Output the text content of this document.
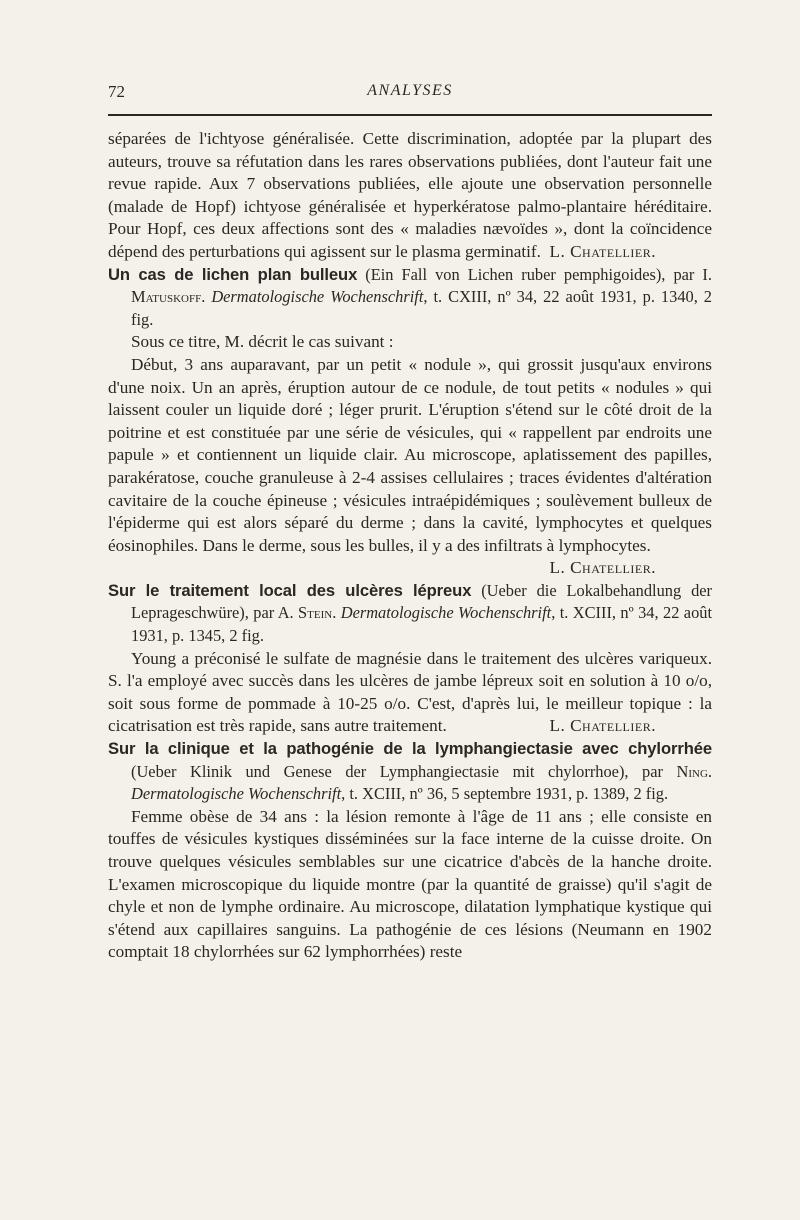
72	ANALYSES

séparées de l'ichtyose généralisée. Cette discrimination, adoptée par la plupart des auteurs, trouve sa réfutation dans les rares observations publiées, dont l'auteur fait une revue rapide. Aux 7 observations publiées, elle ajoute une observation personnelle (malade de Hopf) ichtyose généralisée et hyperkératose palmo-plantaire héréditaire. Pour Hopf, ces deux affections sont des « maladies nævoïdes », dont la coïncidence dépend des perturbations qui agissent sur le plasma germinatif. L. Chatellier.

Un cas de lichen plan bulleux (Ein Fall von Lichen ruber pemphigoides), par I. Matuskoff. Dermatologische Wochenschrift, t. CXIII, nº 34, 22 août 1931, p. 1340, 2 fig.

Sous ce titre, M. décrit le cas suivant :

Début, 3 ans auparavant, par un petit « nodule », qui grossit jusqu'aux environs d'une noix. Un an après, éruption autour de ce nodule, de tout petits « nodules » qui laissent couler un liquide doré ; léger prurit. L'éruption s'étend sur le côté droit de la poitrine et est constituée par une série de vésicules, qui « rappellent par endroits une papule » et contiennent un liquide clair. Au microscope, aplatissement des papilles, parakératose, couche granuleuse à 2-4 assises cellulaires ; traces évidentes d'altération cavitaire de la couche épineuse ; vésicules intraépidémiques ; soulèvement bulleux de l'épiderme qui est alors séparé du derme ; dans la cavité, lymphocytes et quelques éosinophiles. Dans le derme, sous les bulles, il y a des infiltrats à lymphocytes.
L. Chatellier.

Sur le traitement local des ulcères lépreux (Ueber die Lokalbehandlung der Leprageschwüre), par A. Stein. Dermatologische Wochenschrift, t. XCIII, nº 34, 22 août 1931, p. 1345, 2 fig.

Young a préconisé le sulfate de magnésie dans le traitement des ulcères variqueux. S. l'a employé avec succès dans les ulcères de jambe lépreux soit en solution à 10 o/o, soit sous forme de pommade à 10-25 o/o. C'est, d'après lui, le meilleur topique : la cicatrisation est très rapide, sans autre traitement.	L. Chatellier.

Sur la clinique et la pathogénie de la lymphangiectasie avec chylorrhée (Ueber Klinik und Genese der Lymphangiectasie mit chylorrhoe), par Ning. Dermatologische Wochenschrift, t. XCIII, nº 36, 5 septembre 1931, p. 1389, 2 fig.

Femme obèse de 34 ans : la lésion remonte à l'âge de 11 ans ; elle consiste en touffes de vésicules kystiques disséminées sur la face interne de la cuisse droite. On trouve quelques vésicules semblables sur une cicatrice d'abcès de la hanche droite. L'examen microscopique du liquide montre (par la quantité de graisse) qu'il s'agit de chyle et non de lymphe ordinaire. Au microscope, dilatation lymphatique kystique qui s'étend aux capillaires sanguins. La pathogénie de ces lésions (Neumann en 1902 comptait 18 chylorrhées sur 62 lymphorrhées) reste
